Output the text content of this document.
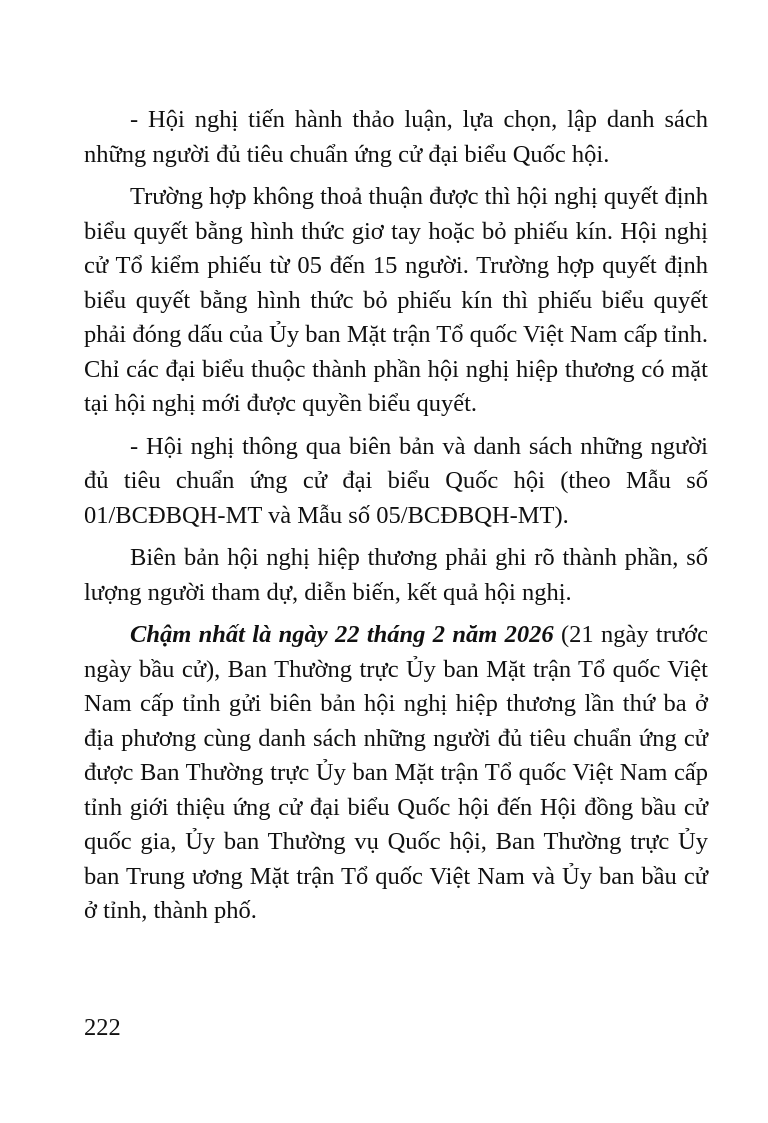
- Hội nghị tiến hành thảo luận, lựa chọn, lập danh sách những người đủ tiêu chuẩn ứng cử đại biểu Quốc hội.

Trường hợp không thoả thuận được thì hội nghị quyết định biểu quyết bằng hình thức giơ tay hoặc bỏ phiếu kín. Hội nghị cử Tổ kiểm phiếu từ 05 đến 15 người. Trường hợp quyết định biểu quyết bằng hình thức bỏ phiếu kín thì phiếu biểu quyết phải đóng dấu của Ủy ban Mặt trận Tổ quốc Việt Nam cấp tỉnh. Chỉ các đại biểu thuộc thành phần hội nghị hiệp thương có mặt tại hội nghị mới được quyền biểu quyết.

- Hội nghị thông qua biên bản và danh sách những người đủ tiêu chuẩn ứng cử đại biểu Quốc hội (theo Mẫu số 01/BCĐBQH-MT và Mẫu số 05/BCĐBQH-MT).

Biên bản hội nghị hiệp thương phải ghi rõ thành phần, số lượng người tham dự, diễn biến, kết quả hội nghị.

Chậm nhất là ngày 22 tháng 2 năm 2026 (21 ngày trước ngày bầu cử), Ban Thường trực Ủy ban Mặt trận Tổ quốc Việt Nam cấp tỉnh gửi biên bản hội nghị hiệp thương lần thứ ba ở địa phương cùng danh sách những người đủ tiêu chuẩn ứng cử được Ban Thường trực Ủy ban Mặt trận Tổ quốc Việt Nam cấp tỉnh giới thiệu ứng cử đại biểu Quốc hội đến Hội đồng bầu cử quốc gia, Ủy ban Thường vụ Quốc hội, Ban Thường trực Ủy ban Trung ương Mặt trận Tổ quốc Việt Nam và Ủy ban bầu cử ở tỉnh, thành phố.

222
